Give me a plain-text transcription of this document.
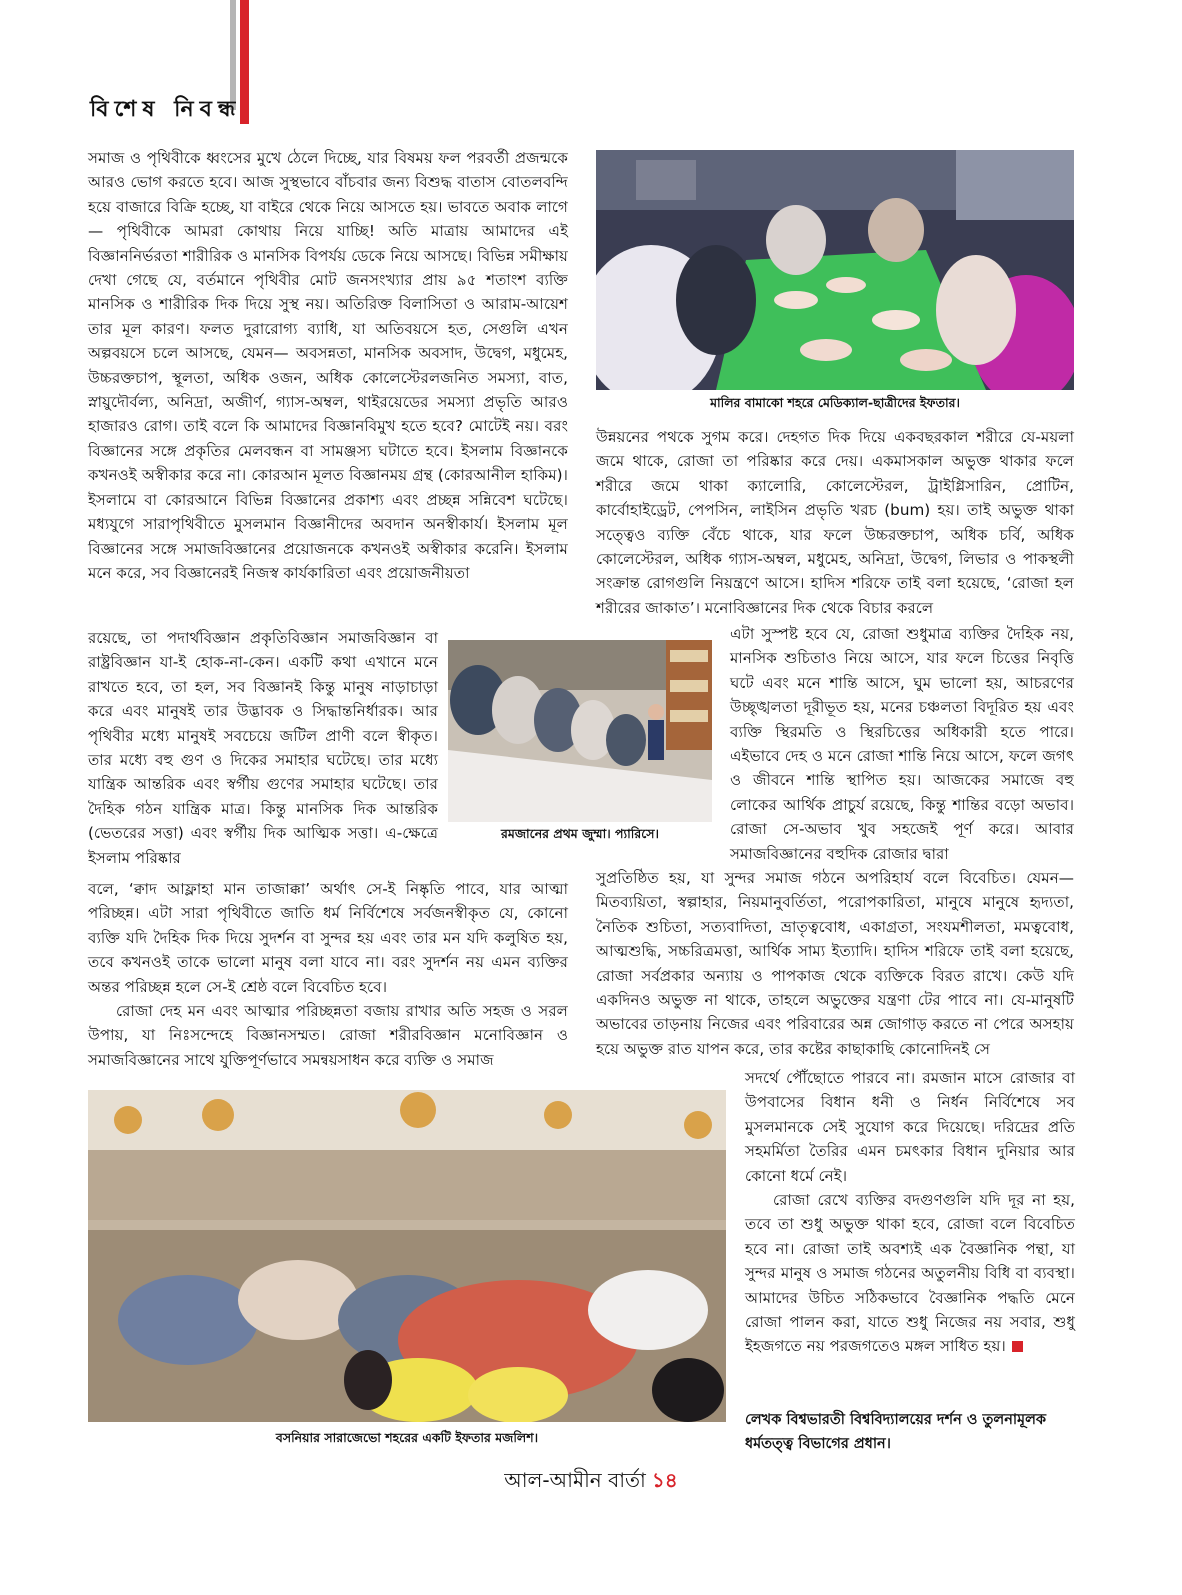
বিশেষ নিবন্ধ

সমাজ ও পৃথিবীকে ধ্বংসের মুখে ঠেলে দিচ্ছে, যার বিষময় ফল পরবর্তী প্রজন্মকে আরও ভোগ করতে হবে। আজ সুস্থভাবে বাঁচবার জন্য বিশুদ্ধ বাতাস বোতলবন্দি হয়ে বাজারে বিক্রি হচ্ছে, যা বাইরে থেকে নিয়ে আসতে হয়। ভাবতে অবাক লাগে— পৃথিবীকে আমরা কোথায় নিয়ে যাচ্ছি! অতি মাত্রায় আমাদের এই বিজ্ঞাননির্ভরতা শারীরিক ও মানসিক বিপর্যয় ডেকে নিয়ে আসছে। বিভিন্ন সমীক্ষায় দেখা গেছে যে, বর্তমানে পৃথিবীর মোট জনসংখ্যার প্রায় ৯৫ শতাংশ ব্যক্তি মানসিক ও শারীরিক দিক দিয়ে সুস্থ নয়। অতিরিক্ত বিলাসিতা ও আরাম-আয়েশ তার মূল কারণ। ফলত দুরারোগ্য ব্যাধি, যা অতিবয়সে হত, সেগুলি এখন অল্পবয়সে চলে আসছে, যেমন— অবসন্নতা, মানসিক অবসাদ, উদ্বেগ, মধুমেহ, উচ্চরক্তচাপ, স্থূলতা, অধিক ওজন, অধিক কোলেস্টেরলজনিত সমস্যা, বাত, স্নায়ুদৌর্বল্য, অনিদ্রা, অজীর্ণ, গ্যাস-অম্বল, থাইরয়েডের সমস্যা প্রভৃতি আরও হাজারও রোগ। তাই বলে কি আমাদের বিজ্ঞানবিমুখ হতে হবে? মোটেই নয়। বরং বিজ্ঞানের সঙ্গে প্রকৃতির মেলবন্ধন বা সামঞ্জস্য ঘটাতে হবে। ইসলাম বিজ্ঞানকে কখনওই অস্বীকার করে না। কোরআন মূলত বিজ্ঞানময় গ্রন্থ (কোরআনীল হাকিম)। ইসলামে বা কোরআনে বিভিন্ন বিজ্ঞানের প্রকাশ্য এবং প্রচ্ছন্ন সন্নিবেশ ঘটেছে। মধ্যযুগে সারাপৃথিবীতে মুসলমান বিজ্ঞানীদের অবদান অনস্বীকার্য। ইসলাম মূল বিজ্ঞানের সঙ্গে সমাজবিজ্ঞানের প্রয়োজনকে কখনওই অস্বীকার করেনি। ইসলাম মনে করে, সব বিজ্ঞানেরই নিজস্ব কার্যকারিতা এবং প্রয়োজনীয়তা

রয়েছে, তা পদার্থবিজ্ঞান প্রকৃতিবিজ্ঞান সমাজবিজ্ঞান বা রাষ্ট্রবিজ্ঞান যা-ই হোক-না-কেন। একটি কথা এখানে মনে রাখতে হবে, তা হল, সব বিজ্ঞানই কিন্তু মানুষ নাড়াচাড়া করে এবং মানুষই তার উদ্ভাবক ও সিদ্ধান্তনির্ধারক। আর পৃথিবীর মধ্যে মানুষই সবচেয়ে জটিল প্রাণী বলে স্বীকৃত। তার মধ্যে বহু গুণ ও দিকের সমাহার ঘটেছে। তার মধ্যে যান্ত্রিক আন্তরিক এবং স্বর্গীয় গুণের সমাহার ঘটেছে। তার দৈহিক গঠন যান্ত্রিক মাত্র। কিন্তু মানসিক দিক আন্তরিক (ভেতরের সত্তা) এবং স্বর্গীয় দিক আত্মিক সত্তা। এ-ক্ষেত্রে ইসলাম পরিষ্কার

বলে, ‘ক্বাদ আফ্লাহা মান তাজাক্কা’ অর্থাৎ সে-ই নিষ্কৃতি পাবে, যার আত্মা পরিচ্ছন্ন। এটা সারা পৃথিবীতে জাতি ধর্ম নির্বিশেষে সর্বজনস্বীকৃত যে, কোনো ব্যক্তি যদি দৈহিক দিক দিয়ে সুদর্শন বা সুন্দর হয় এবং তার মন যদি কলুষিত হয়, তবে কখনওই তাকে ভালো মানুষ বলা যাবে না। বরং সুদর্শন নয় এমন ব্যক্তির অন্তর পরিচ্ছন্ন হলে সে-ই শ্রেষ্ঠ বলে বিবেচিত হবে।

রোজা দেহ মন এবং আত্মার পরিচ্ছন্নতা বজায় রাখার অতি সহজ ও সরল উপায়, যা নিঃসন্দেহে বিজ্ঞানসম্মত। রোজা শরীরবিজ্ঞান মনোবিজ্ঞান ও সমাজবিজ্ঞানের সাথে যুক্তিপূর্ণভাবে সমন্বয়সাধন করে ব্যক্তি ও সমাজ

মালির বামাকো শহরে মেডিক্যাল-ছাত্রীদের ইফতার।

উন্নয়নের পথকে সুগম করে। দেহগত দিক দিয়ে একবছরকাল শরীরে যে-ময়লা জমে থাকে, রোজা তা পরিষ্কার করে দেয়। একমাসকাল অভুক্ত থাকার ফলে শরীরে জমে থাকা ক্যালোরি, কোলেস্টেরল, ট্রাইগ্লিসারিন, প্রোটিন, কার্বোহাইড্রেট, পেপসিন, লাইসিন প্রভৃতি খরচ (bum) হয়। তাই অভুক্ত থাকা সত্ত্বেও ব্যক্তি বেঁচে থাকে, যার ফলে উচ্চরক্তচাপ, অধিক চর্বি, অধিক কোলেস্টেরল, অধিক গ্যাস-অম্বল, মধুমেহ, অনিদ্রা, উদ্বেগ, লিভার ও পাকস্থলী সংক্রান্ত রোগগুলি নিয়ন্ত্রণে আসে। হাদিস শরিফে তাই বলা হয়েছে, ‘রোজা হল শরীরের জাকাত’। মনোবিজ্ঞানের দিক থেকে বিচার করলে

রমজানের প্রথম জুম্মা। প্যারিসে।

এটা সুস্পষ্ট হবে যে, রোজা শুধুমাত্র ব্যক্তির দৈহিক নয়, মানসিক শুচিতাও নিয়ে আসে, যার ফলে চিত্তের নিবৃত্তি ঘটে এবং মনে শান্তি আসে, ঘুম ভালো হয়, আচরণের উচ্ছৃঙ্খলতা দূরীভূত হয়, মনের চঞ্চলতা বিদূরিত হয় এবং ব্যক্তি স্থিরমতি ও স্থিরচিত্তের অধিকারী হতে পারে। এইভাবে দেহ ও মনে রোজা শান্তি নিয়ে আসে, ফলে জগৎ ও জীবনে শান্তি স্থাপিত হয়। আজকের সমাজে বহু লোকের আর্থিক প্রাচুর্য রয়েছে, কিন্তু শান্তির বড়ো অভাব। রোজা সে-অভাব খুব সহজেই পূর্ণ করে। আবার সমাজবিজ্ঞানের বহুদিক রোজার দ্বারা

সুপ্রতিষ্ঠিত হয়, যা সুন্দর সমাজ গঠনে অপরিহার্য বলে বিবেচিত। যেমন— মিতব্যয়িতা, স্বল্পাহার, নিয়মানুবর্তিতা, পরোপকারিতা, মানুষে মানুষে হৃদ্যতা, নৈতিক শুচিতা, সত্যবাদিতা, ভ্রাতৃত্ববোধ, একাগ্রতা, সংযমশীলতা, মমত্ববোধ, আত্মশুদ্ধি, সচ্চরিত্রমত্তা, আর্থিক সাম্য ইত্যাদি। হাদিস শরিফে তাই বলা হয়েছে, রোজা সর্বপ্রকার অন্যায় ও পাপকাজ থেকে ব্যক্তিকে বিরত রাখে। কেউ যদি একদিনও অভুক্ত না থাকে, তাহলে অভুক্তের যন্ত্রণা টের পাবে না। যে-মানুষটি অভাবের তাড়নায় নিজের এবং পরিবারের অন্ন জোগাড় করতে না পেরে অসহায় হয়ে অভুক্ত রাত যাপন করে, তার কষ্টের কাছাকাছি কোনোদিনই সে

সদর্থে পৌঁছোতে পারবে না। রমজান মাসে রোজার বা উপবাসের বিধান ধনী ও নির্ধন নির্বিশেষে সব মুসলমানকে সেই সুযোগ করে দিয়েছে। দরিদ্রের প্রতি সহমর্মিতা তৈরির এমন চমৎকার বিধান দুনিয়ার আর কোনো ধর্মে নেই।

রোজা রেখে ব্যক্তির বদগুণগুলি যদি দূর না হয়, তবে তা শুধু অভুক্ত থাকা হবে, রোজা বলে বিবেচিত হবে না। রোজা তাই অবশ্যই এক বৈজ্ঞানিক পন্থা, যা সুন্দর মানুষ ও সমাজ গঠনের অতুলনীয় বিধি বা ব্যবস্থা। আমাদের উচিত সঠিকভাবে বৈজ্ঞানিক পদ্ধতি মেনে রোজা পালন করা, যাতে শুধু নিজের নয় সবার, শুধু ইহজগতে নয় পরজগতেও মঙ্গল সাধিত হয়।

বসনিয়ার সারাজেভো শহরের একটি ইফতার মজলিশ।
লেখক বিশ্বভারতী বিশ্ববিদ্যালয়ের দর্শন ও তুলনামূলক ধর্মতত্ত্ব বিভাগের প্রধান।
আল-আমীন বার্তা ১৪
